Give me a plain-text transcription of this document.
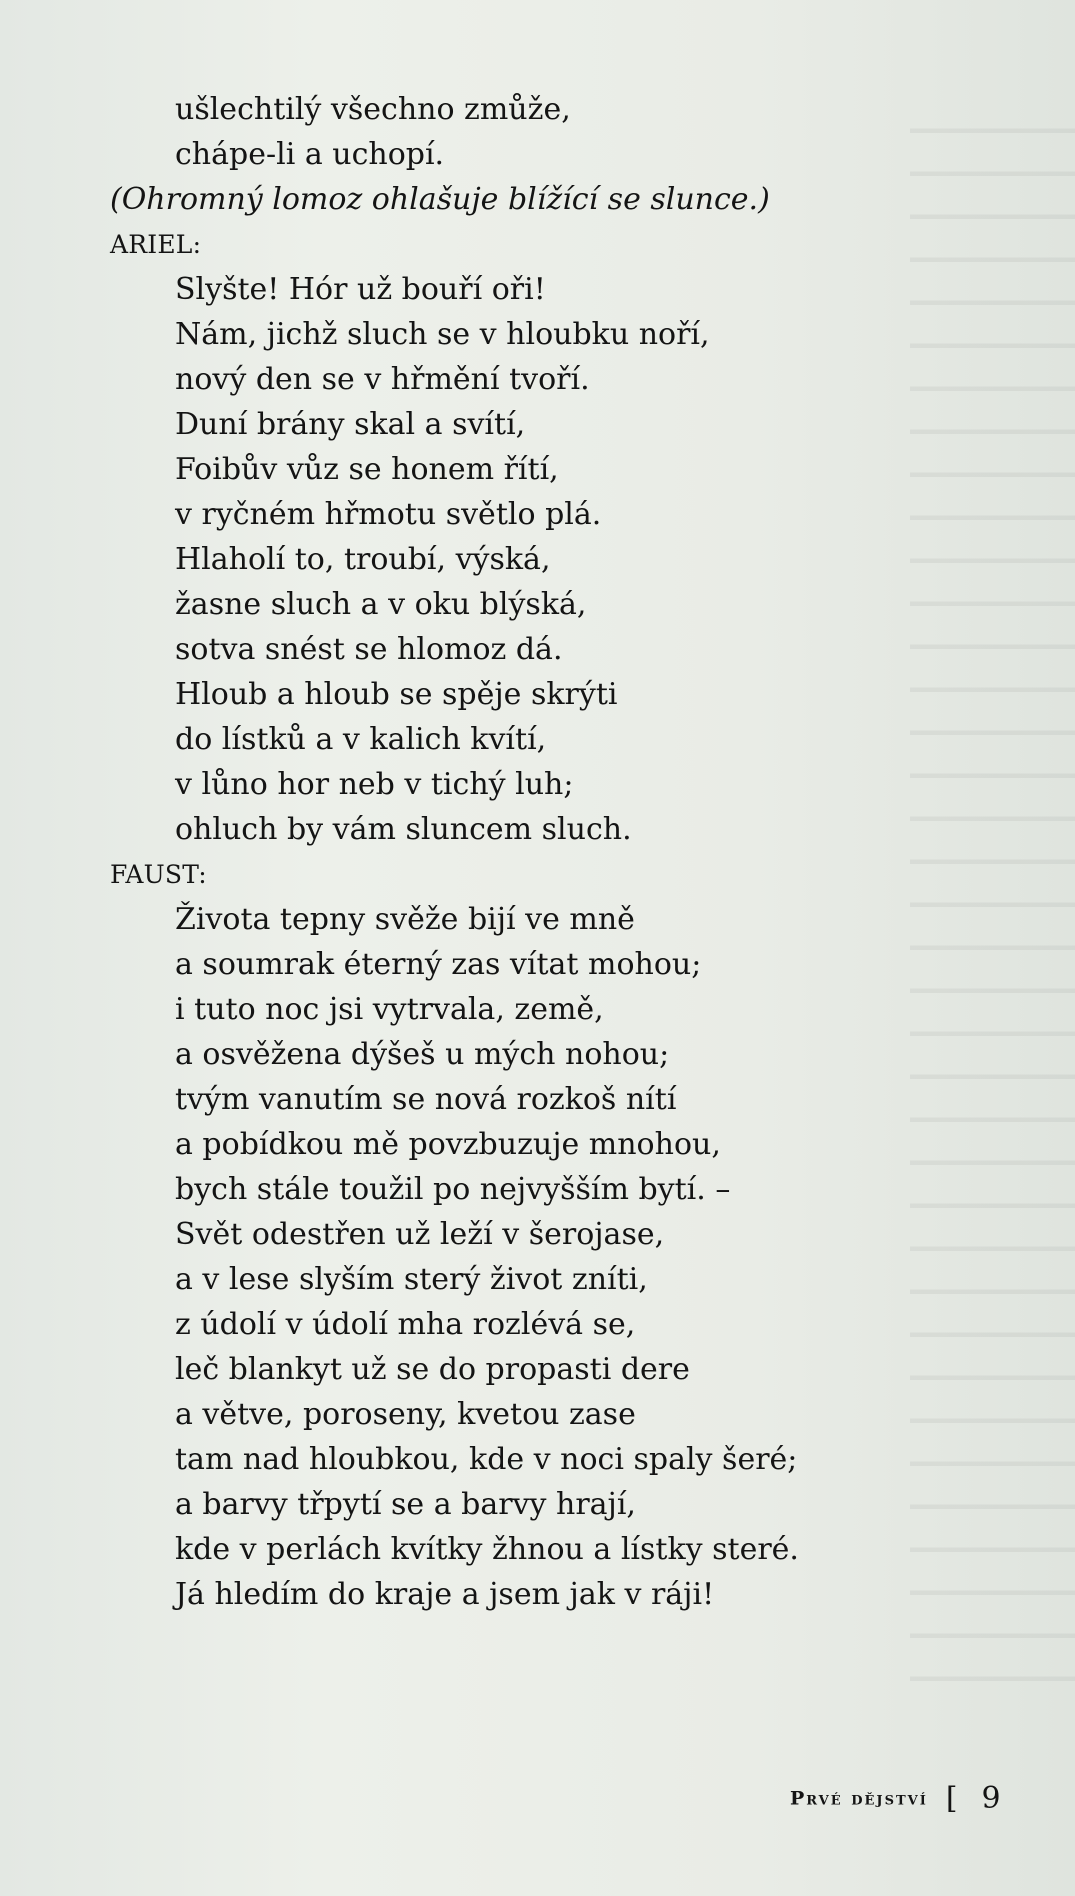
ušlechtilý všechno zmůže,
chápe-li a uchopí.
(Ohromný lomoz ohlašuje blížící se slunce.)
ARIEL:
Slyšte! Hór už bouří oři!
Nám, jichž sluch se v hloubku noří,
nový den se v hřmění tvoří.
Duní brány skal a svítí,
Foibův vůz se honem řítí,
v ryčném hřmotu světlo plá.
Hlaholí to, troubí, výská,
žasne sluch a v oku blýská,
sotva snést se hlomoz dá.
Hloub a hloub se spěje skrýti
do lístků a v kalich kvítí,
v lůno hor neb v tichý luh;
ohluch by vám sluncem sluch.
FAUST:
Života tepny svěže bijí ve mně
a soumrak éterný zas vítat mohou;
i tuto noc jsi vytrvala, země,
a osvěžena dýšeš u mých nohou;
tvým vanutím se nová rozkoš nítí
a pobídkou mě povzbuzuje mnohou,
bych stále toužil po nejvyšším bytí. –
Svět odestřen už leží v šerojase,
a v lese slyším sterý život zníti,
z údolí v údolí mha rozlévá se,
leč blankyt už se do propasti dere
a větve, poroseny, kvetou zase
tam nad hloubkou, kde v noci spaly šeré;
a barvy třpytí se a barvy hrají,
kde v perlách kvítky žhnou a lístky steré.
Já hledím do kraje a jsem jak v ráji!
Prvé dějství [ 9
